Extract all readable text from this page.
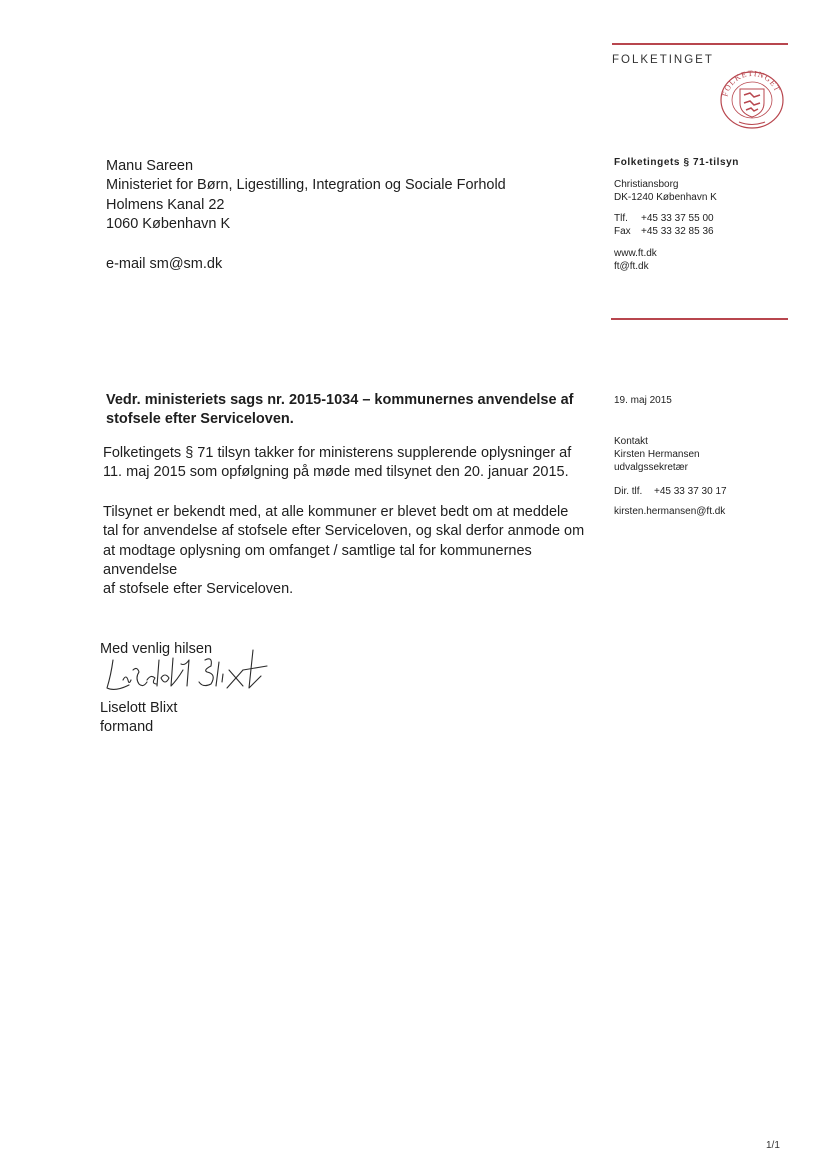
FOLKETINGET
FOLKETINGET
Folketingets § 71-tilsyn
Christiansborg
DK-1240 København K
Tlf. +45 33 37 55 00
Fax +45 33 32 85 36
www.ft.dk
ft@ft.dk
Manu Sareen
Ministeriet for Børn, Ligestilling, Integration og Sociale Forhold
Holmens Kanal 22
1060 København K
e-mail sm@sm.dk
19. maj 2015
Kontakt
Kirsten Hermansen
udvalgssekretær
Dir. tlf. +45 33 37 30 17
kirsten.hermansen@ft.dk
Vedr. ministeriets sags nr. 2015-1034 – kommunernes anvendelse af
stofsele efter Serviceloven.
Folketingets § 71 tilsyn takker for ministerens supplerende oplysninger af
11. maj 2015 som opfølgning på møde med tilsynet den 20. januar 2015.
Tilsynet er bekendt med, at alle kommuner er blevet bedt om at meddele
tal for anvendelse af stofsele efter Serviceloven, og skal derfor anmode om
at modtage oplysning om omfanget / samtlige tal for kommunernes anvendelse
af stofsele efter Serviceloven.
Med venlig hilsen
Liselott Blixt
formand
1/1
